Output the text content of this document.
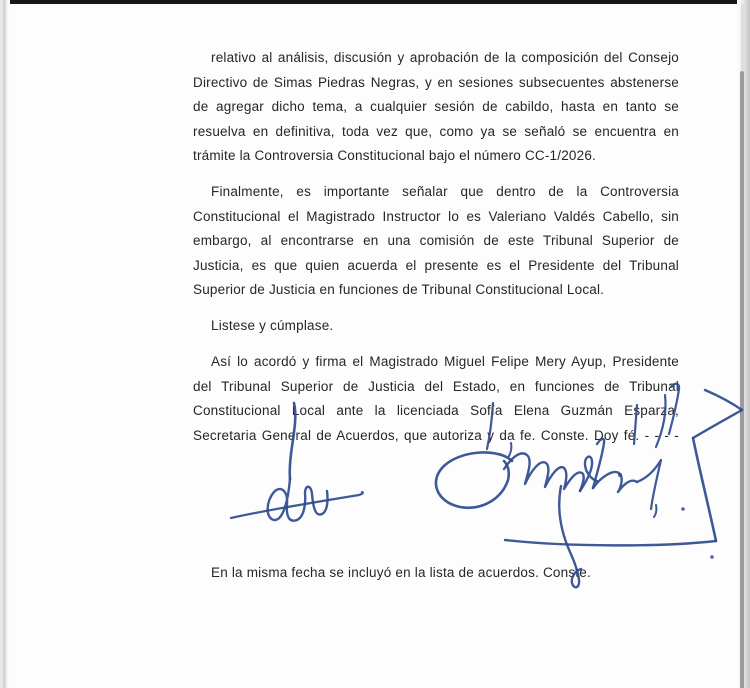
relativo al análisis, discusión y aprobación de la composición del Consejo
Directivo de Simas Piedras Negras, y en sesiones subsecuentes abstenerse
de agregar dicho tema, a cualquier sesión de cabildo, hasta en tanto se
resuelva en definitiva, toda vez que, como ya se señaló se encuentra en
trámite la Controversia Constitucional bajo el número CC-1/2026.
Finalmente, es importante señalar que dentro de la Controversia
Constitucional el Magistrado Instructor lo es Valeriano Valdés Cabello, sin
embargo, al encontrarse en una comisión de este Tribunal Superior de
Justicia, es que quien acuerda el presente es el Presidente del Tribunal
Superior de Justicia en funciones de Tribunal Constitucional Local.
Listese y cúmplase.
Así lo acordó y firma el Magistrado Miguel Felipe Mery Ayup, Presidente
del Tribunal Superior de Justicia del Estado, en funciones de Tribunal
Constitucional Local ante la licenciada Sofía Elena Guzmán Esparza,
Secretaria General de Acuerdos, que autoriza y da fe. Conste. Doy fé. - - - -
En la misma fecha se incluyó en la lista de acuerdos. Conste.
